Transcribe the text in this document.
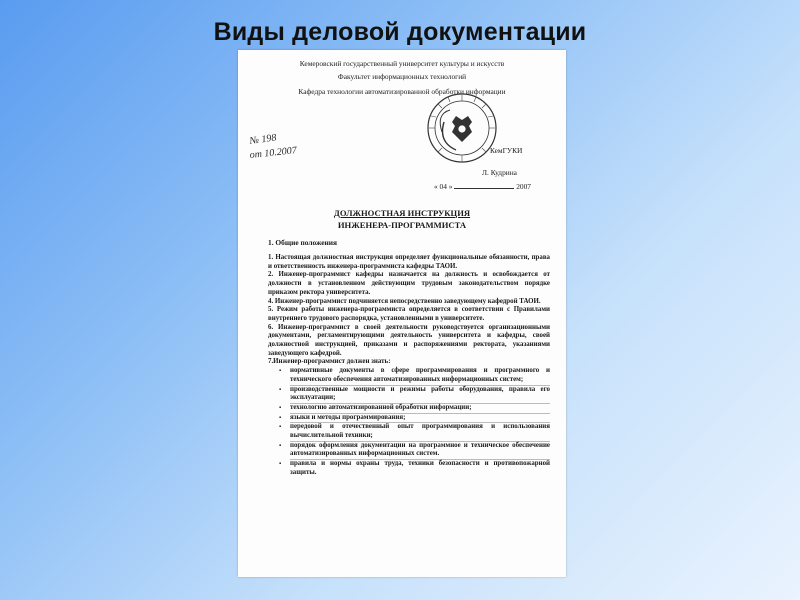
Виды деловой документации
Кемеровский государственный университет культуры и искусств
Факультет информационных технологий
Кафедра технологии автоматизированной обработки информации
КемГУКИ
Л. Кудрина
« 04 »	2007
№ 198
от 10.2007
ДОЛЖНОСТНАЯ ИНСТРУКЦИЯ
ИНЖЕНЕРА-ПРОГРАММИСТА
1. Общие положения

1. Настоящая должностная инструкция определяет функциональные обязанности, права и ответственность инженера-программиста кафедры ТАОИ.

2. Инженер-программист кафедры назначается на должность и освобождается от должности в установленном действующим трудовым законодательством порядке приказом ректора университета.

4. Инженер-программист подчиняется непосредственно заведующему кафедрой ТАОИ.

5. Режим работы инженера-программиста определяется в соответствии с Правилами внутреннего трудового распорядка, установленными в университете.

6. Инженер-программист в своей деятельности руководствуется организационными документами, регламентирующими деятельность университета и кафедры, своей должностной инструкцией, приказами и распоряжениями ректората, указаниями заведующего кафедрой.

7.Инженер-программист должен знать:

▪ нормативные документы в сфере программирования и программного и технического обеспечения автоматизированных информационных систем;
▪ производственные мощности и режимы работы оборудования, правила его эксплуатации;
▪ технологию автоматизированной обработки информации;
▪ языки и методы программирования;
▪ передовой и отечественный опыт программирования и использования вычислительной техники;
▪ порядок оформления документации на программное и техническое обеспечение автоматизированных информационных систем.
▪ правила и нормы охраны труда, техники безопасности и противопожарной защиты.
